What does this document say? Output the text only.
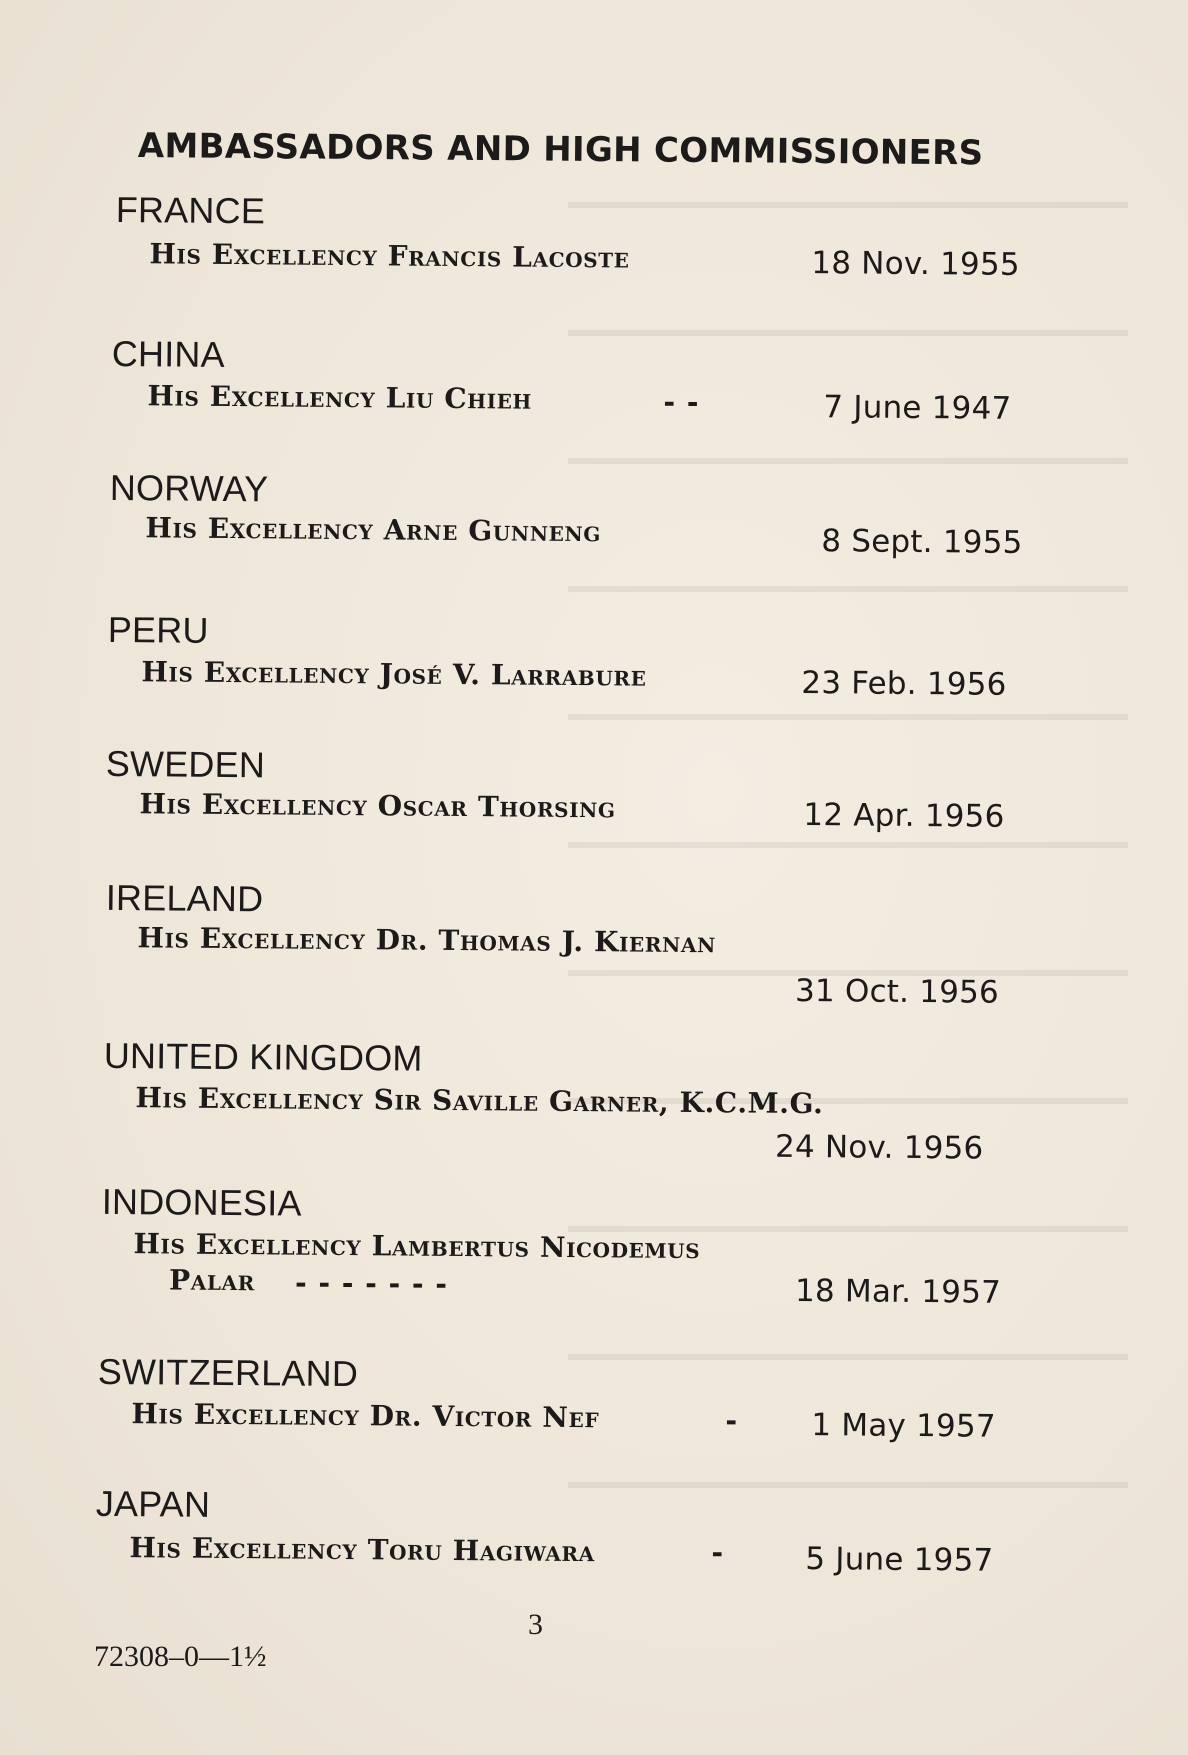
AMBASSADORS AND HIGH COMMISSIONERS
FRANCE
His Excellency Francis Lacoste	18 Nov. 1955
CHINA
His Excellency Liu Chieh	- -	7 June 1947
NORWAY
His Excellency Arne Gunneng	8 Sept. 1955
PERU
His Excellency José V. Larrabure	23 Feb. 1956
SWEDEN
His Excellency Oscar Thorsing	12 Apr. 1956
IRELAND
His Excellency Dr. Thomas J. Kiernan
31 Oct. 1956
UNITED KINGDOM
His Excellency Sir Saville Garner, K.C.M.G.
24 Nov. 1956
INDONESIA
His Excellency Lambertus Nicodemus
Palar - - - - - - -	18 Mar. 1957
SWITZERLAND
His Excellency Dr. Victor Nef	- 1 May 1957
JAPAN
His Excellency Toru Hagiwara	-	5 June 1957
3
72308–0—1½
